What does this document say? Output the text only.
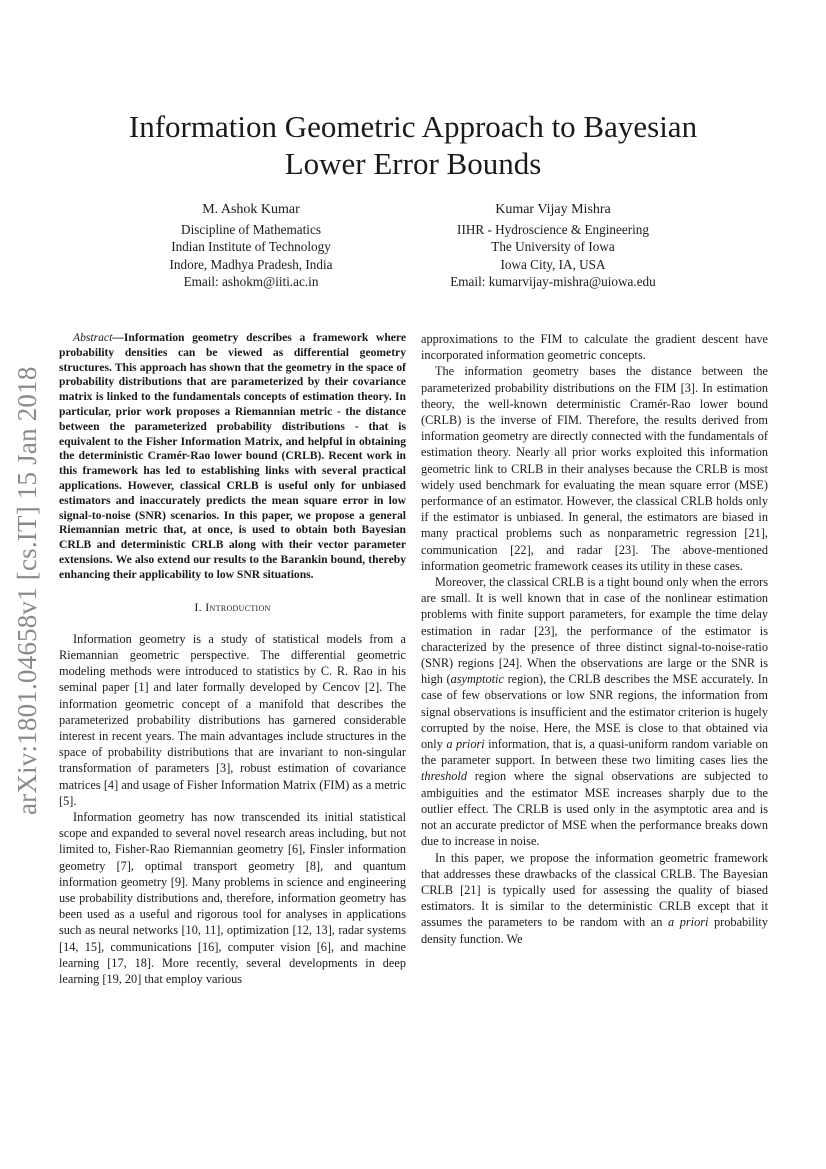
arXiv:1801.04658v1 [cs.IT] 15 Jan 2018
Information Geometric Approach to Bayesian
Lower Error Bounds
M. Ashok Kumar
Discipline of Mathematics
Indian Institute of Technology
Indore, Madhya Pradesh, India
Email: ashokm@iiti.ac.in
Kumar Vijay Mishra
IIHR - Hydroscience & Engineering
The University of Iowa
Iowa City, IA, USA
Email: kumarvijay-mishra@uiowa.edu

Abstract—Information geometry describes a framework where probability densities can be viewed as differential geometry structures. This approach has shown that the geometry in the space of probability distributions that are parameterized by their covariance matrix is linked to the fundamentals concepts of estimation theory. In particular, prior work proposes a Riemannian metric - the distance between the parameterized probability distributions - that is equivalent to the Fisher Information Matrix, and helpful in obtaining the deterministic Cramér-Rao lower bound (CRLB). Recent work in this framework has led to establishing links with several practical applications. However, classical CRLB is useful only for unbiased estimators and inaccurately predicts the mean square error in low signal-to-noise (SNR) scenarios. In this paper, we propose a general Riemannian metric that, at once, is used to obtain both Bayesian CRLB and deterministic CRLB along with their vector parameter extensions. We also extend our results to the Barankin bound, thereby enhancing their applicability to low SNR situations.

I. Introduction

Information geometry is a study of statistical models from a Riemannian geometric perspective. The differential geometric modeling methods were introduced to statistics by C. R. Rao in his seminal paper [1] and later formally developed by Cencov [2]. The information geometric concept of a manifold that describes the parameterized probability distributions has garnered considerable interest in recent years. The main advantages include structures in the space of probability distributions that are invariant to non-singular transformation of parameters [3], robust estimation of covariance matrices [4] and usage of Fisher Information Matrix (FIM) as a metric [5].

Information geometry has now transcended its initial statistical scope and expanded to several novel research areas including, but not limited to, Fisher-Rao Riemannian geometry [6], Finsler information geometry [7], optimal transport geometry [8], and quantum information geometry [9]. Many problems in science and engineering use probability distributions and, therefore, information geometry has been used as a useful and rigorous tool for analyses in applications such as neural networks [10, 11], optimization [12, 13], radar systems [14, 15], communications [16], computer vision [6], and machine learning [17, 18]. More recently, several developments in deep learning [19, 20] that employ various

approximations to the FIM to calculate the gradient descent have incorporated information geometric concepts.

The information geometry bases the distance between the parameterized probability distributions on the FIM [3]. In estimation theory, the well-known deterministic Cramér-Rao lower bound (CRLB) is the inverse of FIM. Therefore, the results derived from information geometry are directly connected with the fundamentals of estimation theory. Nearly all prior works exploited this information geometric link to CRLB in their analyses because the CRLB is most widely used benchmark for evaluating the mean square error (MSE) performance of an estimator. However, the classical CRLB holds only if the estimator is unbiased. In general, the estimators are biased in many practical problems such as nonparametric regression [21], communication [22], and radar [23]. The above-mentioned information geometric framework ceases its utility in these cases.

Moreover, the classical CRLB is a tight bound only when the errors are small. It is well known that in case of the nonlinear estimation problems with finite support parameters, for example the time delay estimation in radar [23], the performance of the estimator is characterized by the presence of three distinct signal-to-noise-ratio (SNR) regions [24]. When the observations are large or the SNR is high (asymptotic region), the CRLB describes the MSE accurately. In case of few observations or low SNR regions, the information from signal observations is insufficient and the estimator criterion is hugely corrupted by the noise. Here, the MSE is close to that obtained via only a priori information, that is, a quasi-uniform random variable on the parameter support. In between these two limiting cases lies the threshold region where the signal observations are subjected to ambiguities and the estimator MSE increases sharply due to the outlier effect. The CRLB is used only in the asymptotic area and is not an accurate predictor of MSE when the performance breaks down due to increase in noise.

In this paper, we propose the information geometric framework that addresses these drawbacks of the classical CRLB. The Bayesian CRLB [21] is typically used for assessing the quality of biased estimators. It is similar to the deterministic CRLB except that it assumes the parameters to be random with an a priori probability density function. We
